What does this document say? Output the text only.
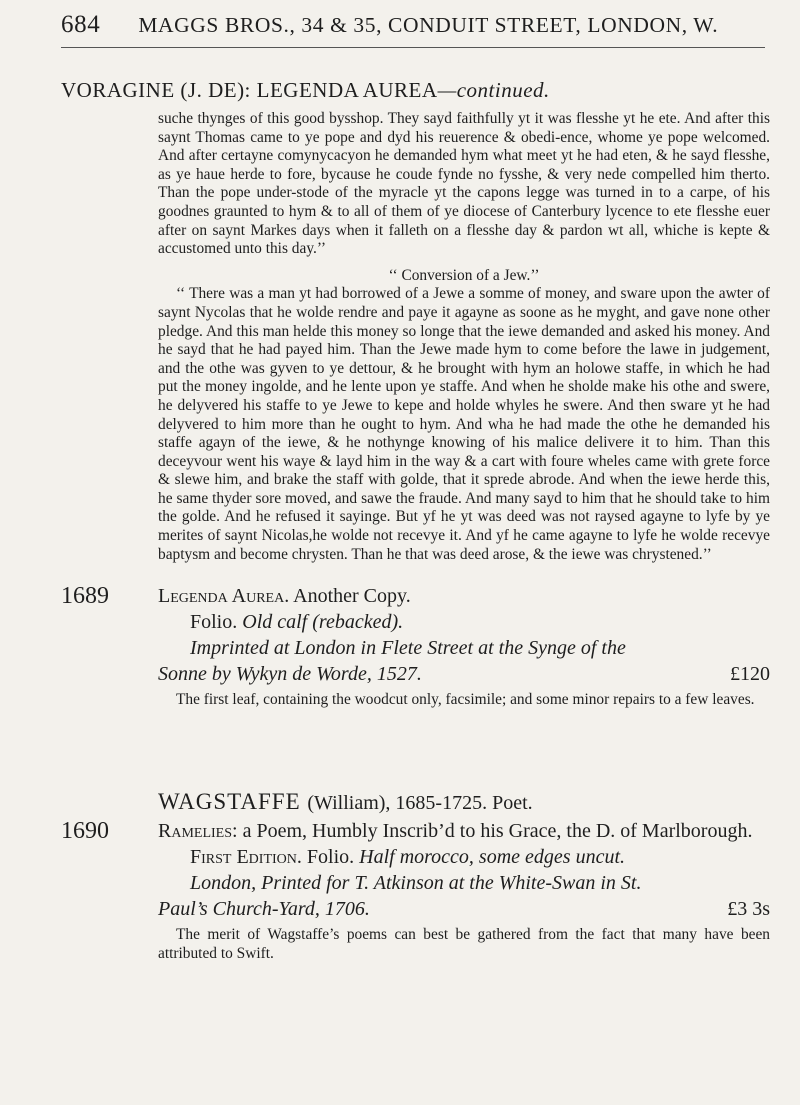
684 MAGGS BROS., 34 & 35, CONDUIT STREET, LONDON, W.
VORAGINE (J. DE): LEGENDA AUREA—continued.

suche thynges of this good bysshop. They sayd faithfully yt it was flesshe yt he ete. And after this saynt Thomas came to ye pope and dyd his reuerence & obedi-ence, whome ye pope welcomed. And after certayne comynycacyon he demanded hym what meet yt he had eten, & he sayd flesshe, as ye haue herde to fore, bycause he coude fynde no fysshe, & very nede compelled him therto. Than the pope under-stode of the myracle yt the capons legge was turned in to a carpe, of his goodnes graunted to hym & to all of them of ye diocese of Canterbury lycence to ete flesshe euer after on saynt Markes days when it falleth on a flesshe day & pardon wt all, whiche is kepte & accustomed unto this day.’’

‘‘ Conversion of a Jew.’’

‘‘ There was a man yt had borrowed of a Jewe a somme of money, and sware upon the awter of saynt Nycolas that he wolde rendre and paye it agayne as soone as he myght, and gave none other pledge. And this man helde this money so longe that the iewe demanded and asked his money. And he sayd that he had payed him. Than the Jewe made hym to come before the lawe in judgement, and the othe was gyven to ye dettour, & he brought with hym an holowe staffe, in which he had put the money ingolde, and he lente upon ye staffe. And when he sholde make his othe and swere, he delyvered his staffe to ye Jewe to kepe and holde whyles he swere. And then sware yt he had delyvered to him more than he ought to hym. And wha he had made the othe he demanded his staffe agayn of the iewe, & he nothynge knowing of his malice delivere it to him. Than this deceyvour went his waye & layd him in the way & a cart with foure wheles came with grete force & slewe him, and brake the staff with golde, that it sprede abrode. And when the iewe herde this, he same thyder sore moved, and sawe the fraude. And many sayd to him that he should take to him the golde. And he refused it sayinge. But yf he yt was deed was not raysed agayne to lyfe by ye merites of saynt Nicolas,he wolde not recevye it. And yf he came agayne to lyfe he wolde recevye baptysm and become chrysten. Than he that was deed arose, & the iewe was chrystened.’’

1689 Legenda Aurea. Another Copy.
Folio. Old calf (rebacked).
Imprinted at London in Flete Street at the Synge of the
Sonne by Wykyn de Worde, 1527.	£120

The first leaf, containing the woodcut only, facsimile; and some minor repairs to a few leaves.

WAGSTAFFE (William), 1685-1725. Poet.
1690 Ramelies: a Poem, Humbly Inscrib’d to his Grace, the D. of Marlborough.
First Edition. Folio. Half morocco, some edges uncut.
London, Printed for T. Atkinson at the White-Swan in St.
Paul’s Church-Yard, 1706.	£3 3s

The merit of Wagstaffe’s poems can best be gathered from the fact that many have been attributed to Swift.
